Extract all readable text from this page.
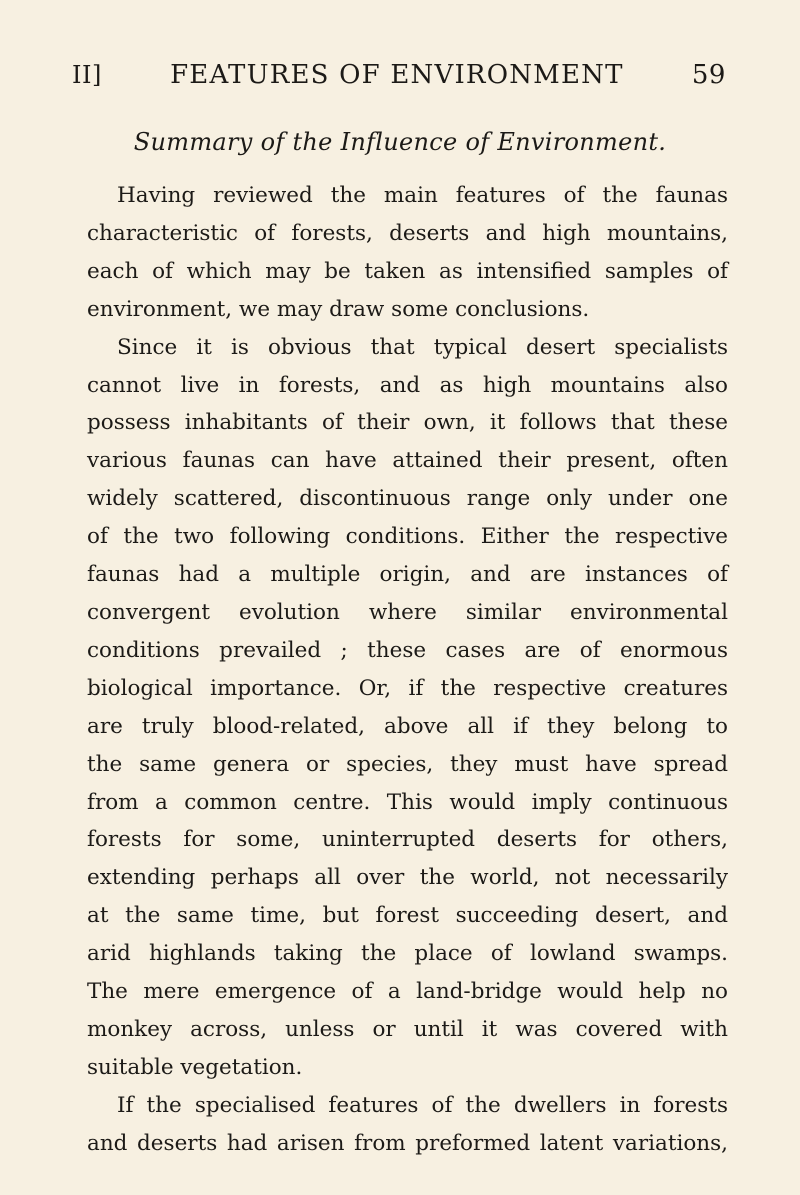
II]	FEATURES OF ENVIRONMENT	59
Summary of the Influence of Environment.
Having reviewed the main features of the faunas
characteristic of forests, deserts and high mountains,
each of which may be taken as intensified samples of
environment, we may draw some conclusions.
Since it is obvious that typical desert specialists
cannot live in forests, and as high mountains also
possess inhabitants of their own, it follows that these
various faunas can have attained their present, often
widely scattered, discontinuous range only under one
of the two following conditions. Either the respective
faunas had a multiple origin, and are instances of
convergent evolution where similar environmental
conditions prevailed ; these cases are of enormous
biological importance. Or, if the respective creatures
are truly blood-related, above all if they belong to
the same genera or species, they must have spread
from a common centre. This would imply continuous
forests for some, uninterrupted deserts for others,
extending perhaps all over the world, not necessarily
at the same time, but forest succeeding desert, and
arid highlands taking the place of lowland swamps.
The mere emergence of a land-bridge would help no
monkey across, unless or until it was covered with
suitable vegetation.
If the specialised features of the dwellers in forests
and deserts had arisen from preformed latent variations,
